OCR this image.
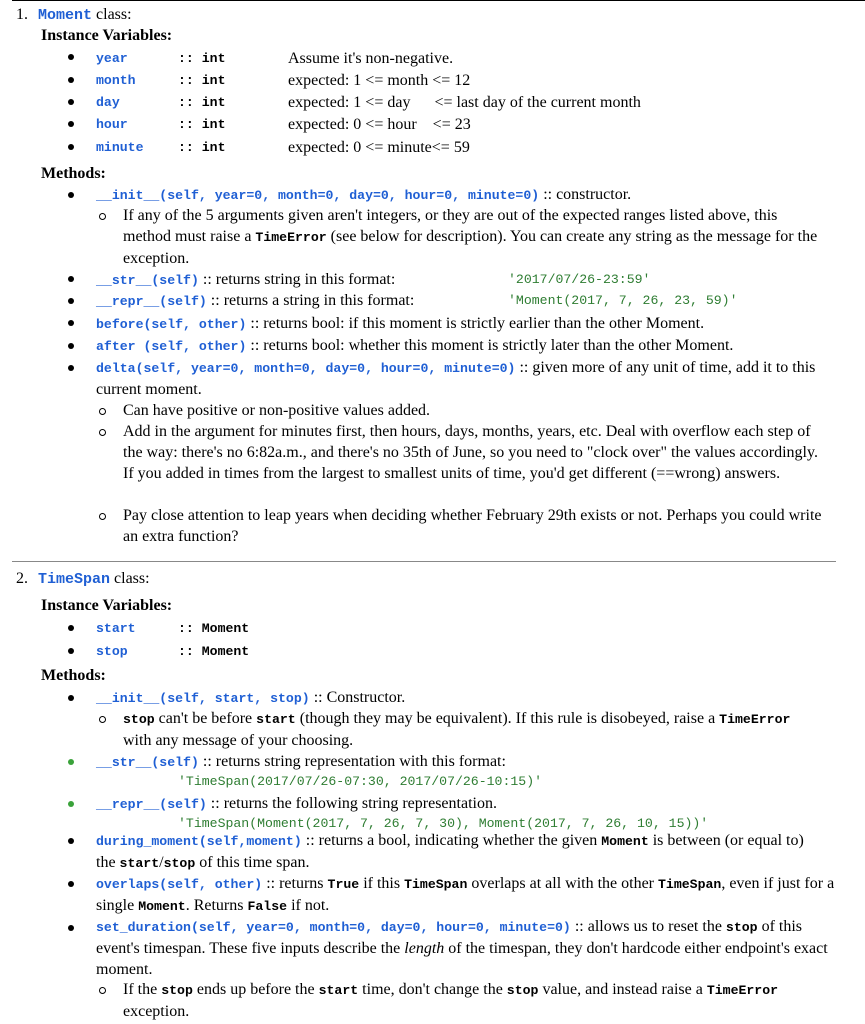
1. Moment class:
Instance Variables:
year	:: int	Assume it's non-negative.
month	:: int	expected: 1 <= month <= 12
day	:: int	expected: 1 <= day      <= last day of the current month
hour	:: int	expected: 0 <= hour    <= 23
minute	:: int	expected: 0 <= minute<= 59
Methods:
__init__(self, year=0, month=0, day=0, hour=0, minute=0) :: constructor.
If any of the 5 arguments given aren't integers, or they are out of the expected ranges listed above, this method must raise a TimeError (see below for description). You can create any string as the message for the exception.
__str__(self) :: returns string in this format:	'2017/07/26-23:59'
__repr__(self) :: returns a string in this format:	'Moment(2017, 7, 26, 23, 59)'
before(self, other) :: returns bool: if this moment is strictly earlier than the other Moment.
after (self, other) :: returns bool: whether this moment is strictly later than the other Moment.
delta(self, year=0, month=0, day=0, hour=0, minute=0) :: given more of any unit of time, add it to this current moment.
Can have positive or non-positive values added.
Add in the argument for minutes first, then hours, days, months, years, etc. Deal with overflow each step of the way: there's no 6:82a.m., and there's no 35th of June, so you need to "clock over" the values accordingly. If you added in times from the largest to smallest units of time, you'd get different (==wrong) answers.
Pay close attention to leap years when deciding whether February 29th exists or not. Perhaps you could write an extra function?
2. TimeSpan class:
Instance Variables:
start	:: Moment
stop	:: Moment
Methods:
__init__(self, start, stop) :: Constructor.
stop can't be before start (though they may be equivalent). If this rule is disobeyed, raise a TimeError with any message of your choosing.
__str__(self) :: returns string representation with this format:
'TimeSpan(2017/07/26-07:30, 2017/07/26-10:15)'
__repr__(self) :: returns the following string representation.
'TimeSpan(Moment(2017, 7, 26, 7, 30), Moment(2017, 7, 26, 10, 15))'
during_moment(self,moment) :: returns a bool, indicating whether the given Moment is between (or equal to) the start/stop of this time span.
overlaps(self, other) :: returns True if this TimeSpan overlaps at all with the other TimeSpan, even if just for a single Moment. Returns False if not.
set_duration(self, year=0, month=0, day=0, hour=0, minute=0) :: allows us to reset the stop of this event's timespan. These five inputs describe the length of the timespan, they don't hardcode either endpoint's exact moment.
If the stop ends up before the start time, don't change the stop value, and instead raise a TimeError exception.
